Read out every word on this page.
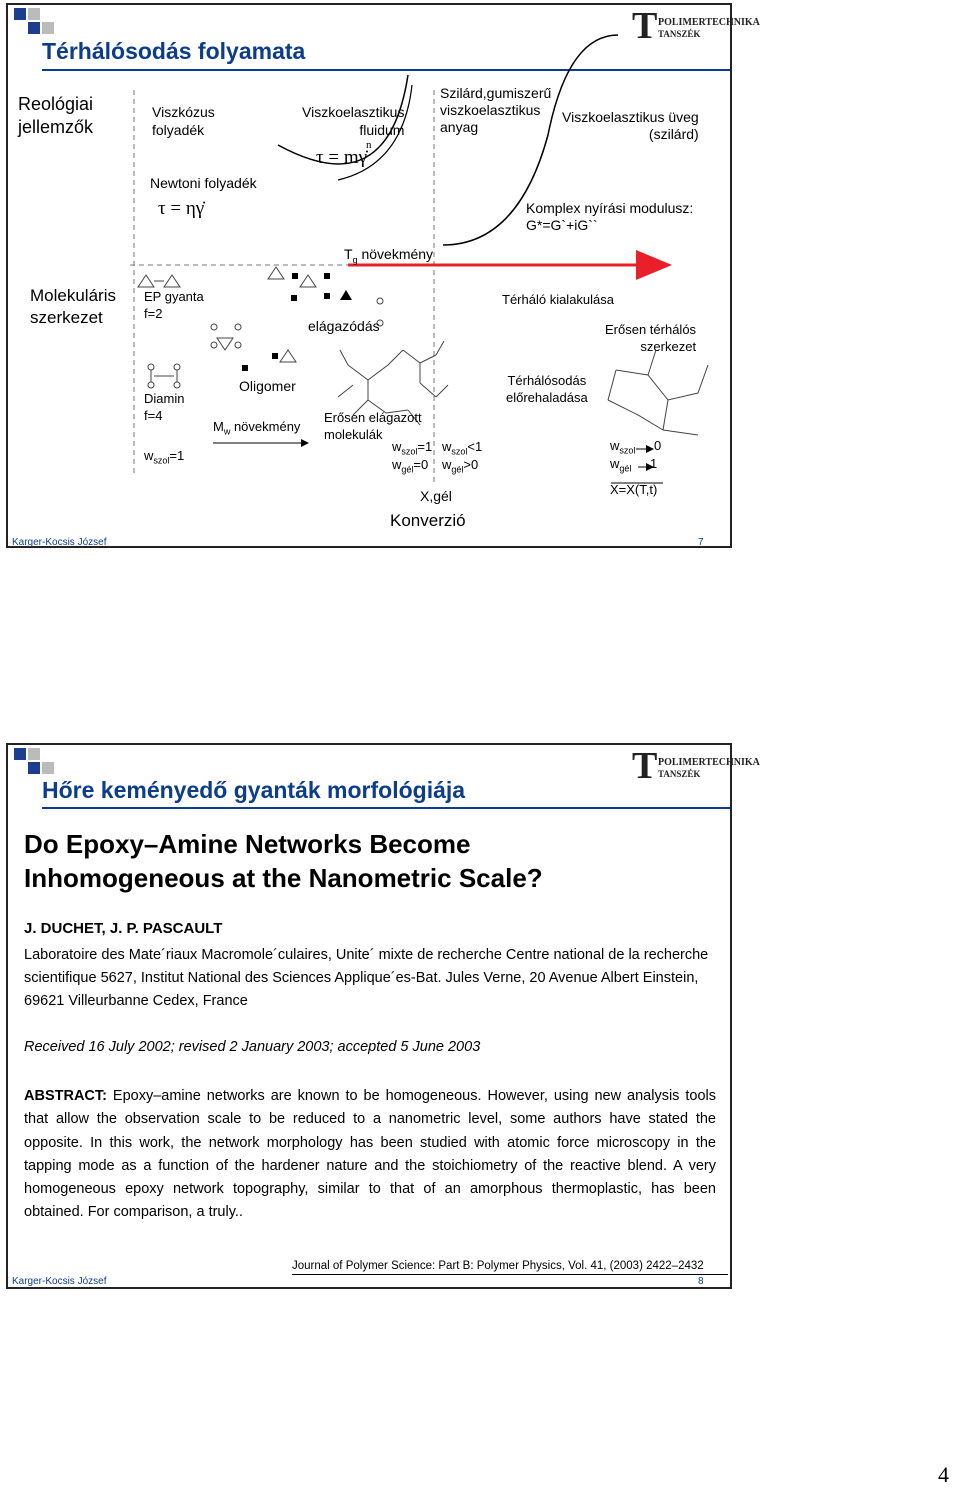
Térhálósodás folyamata
T POLIMERTECHNIKA
TANSZÉK
Reológiai
jellemzők
Molekuláris
szerkezet
Viszkózus
folyadék
Newtoni folyadék
τ = ηγ̇
Viszkoelasztikus
fluidum
τ = mγ̇
n
Szilárd,gumiszerű
viszkoelasztikus
anyag
Viszkoelasztikus üveg
(szilárd)
Komplex nyírási modulusz:
G*=G`+iG``
$T_g$ növekmény
EP gyanta
f=2
elágazódás
Térháló kialakulása
Erősen térhálós
szerkezet
Diamin
f=4
$w_{szol}=1$
Oligomer
$M_w$ növekmény
Erősen elágazott
molekulák
Térhálósodás
előrehaladása
$w_{szol}=1$
$w_{gél}=0$
$w_{szol}<1$
$w_{gél}>0$
$w_{szol}$ 0
$w_{gél}$ 1
X,gél	X=X(T,t)
Konverzió
Karger-Kocsis József	7
Hőre keményedő gyanták morfológiája
T POLIMERTECHNIKA
TANSZÉK
Do Epoxy–Amine Networks Become
Inhomogeneous at the Nanometric Scale?
J. DUCHET, J. P. PASCAULT
Laboratoire des Mate´riaux Macromole´culaires, Unite´ mixte de recherche Centre national de la recherche scientifique 5627, Institut National des Sciences Applique´es-Bat. Jules Verne, 20 Avenue Albert Einstein, 69621 Villeurbanne Cedex, France
Received 16 July 2002; revised 2 January 2003; accepted 5 June 2003
ABSTRACT: Epoxy–amine networks are known to be homogeneous. However, using new analysis tools that allow the observation scale to be reduced to a nanometric level, some authors have stated the opposite. In this work, the network morphology has been studied with atomic force microscopy in the tapping mode as a function of the hardener nature and the stoichiometry of the reactive blend. A very homogeneous epoxy network topography, similar to that of an amorphous thermoplastic, has been obtained. For comparison, a truly..
Journal of Polymer Science: Part B: Polymer Physics, Vol. 41, (2003) 2422–2432
Karger-Kocsis József	8
4
